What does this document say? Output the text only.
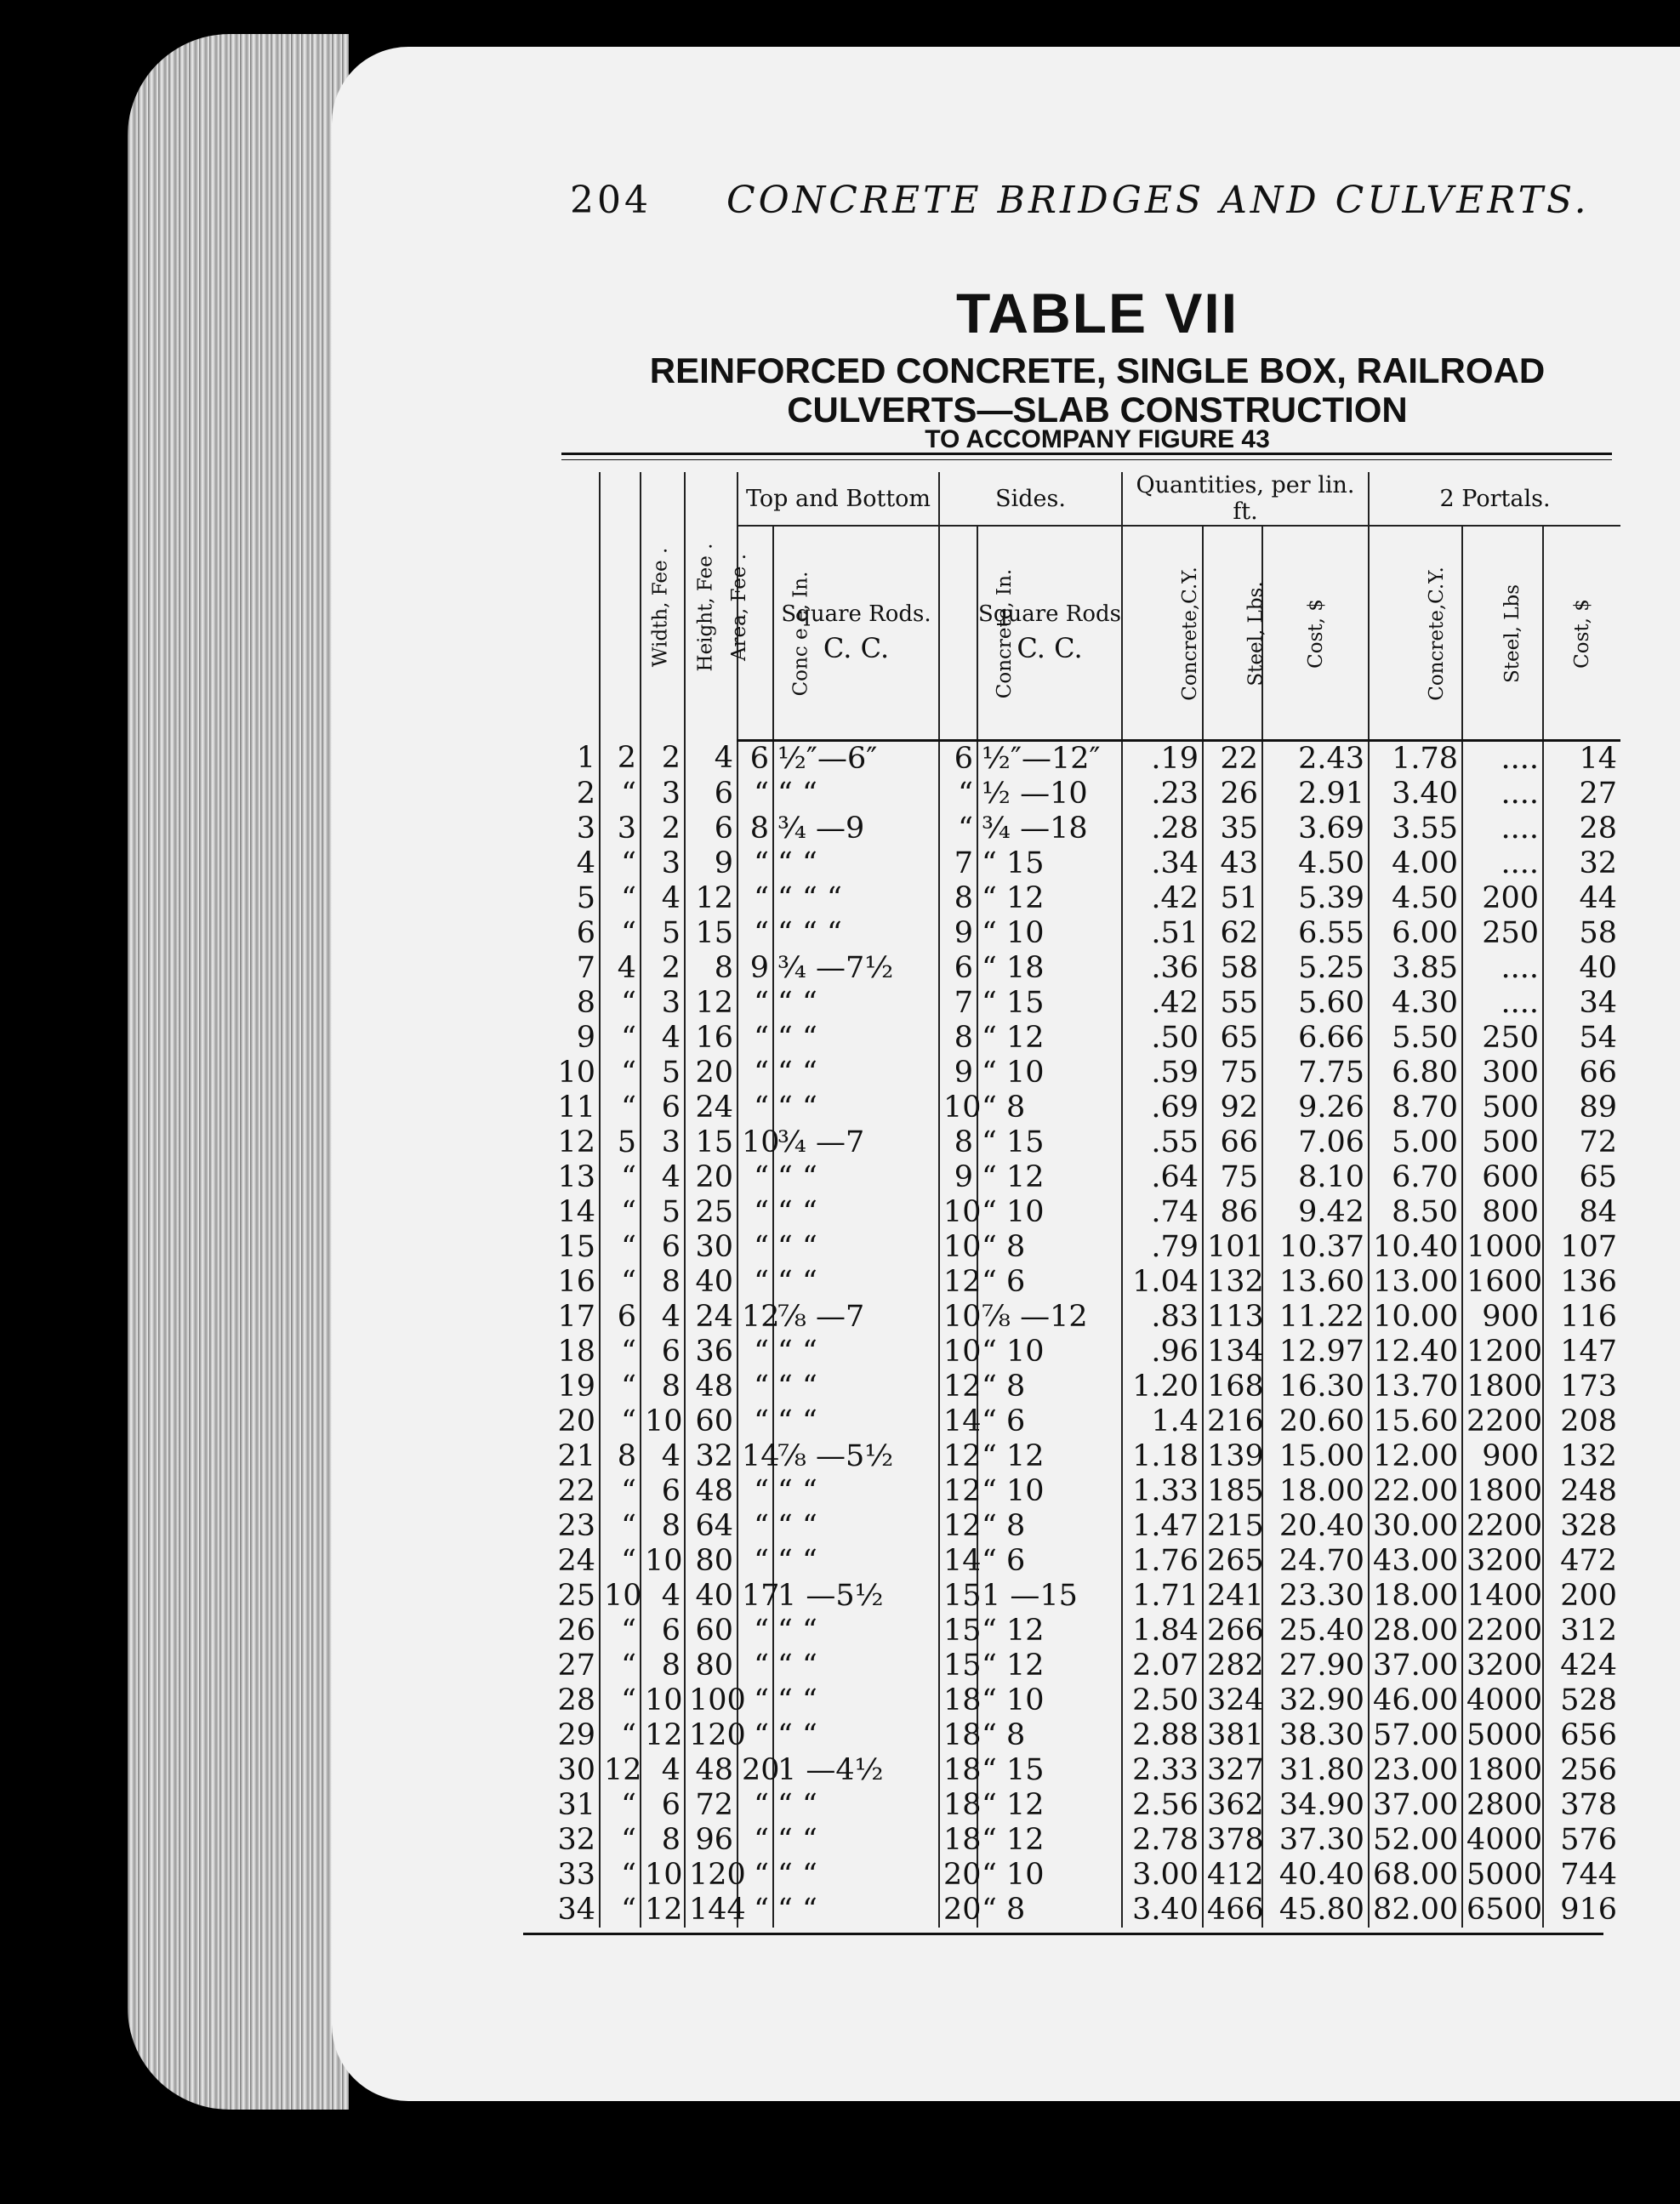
204 CONCRETE BRIDGES AND CULVERTS.
TABLE VII
REINFORCED CONCRETE, SINGLE BOX, RAILROAD
CULVERTS—SLAB CONSTRUCTION
TO ACCOMPANY FIGURE 43
	Width, Fee .	Height, Fee .	Area, Fee .	Top and Bottom		Sides.		Quantities, per lin. ft.			2 Portals.		
				Conc e e, In.	Square Rods.
C. C.	Concrete, In.	Square Rods
C. C.	Concrete,C.Y.	Steel, Lbs.	Cost, $	Concrete,C.Y.	Steel, Lbs	Cost, $
1	2	2	4	6	½″—6″	6	½″—12″	.19	22	2.43	1.78	....	14
2	“	3	6	“	“ “	“	½ —10	.23	26	2.91	3.40	....	27
3	3	2	6	8	¾ —9	“	¾ —18	.28	35	3.69	3.55	....	28
4	“	3	9	“	“ “	7	“ 15	.34	43	4.50	4.00	....	32
5	“	4	12	“	“ “ “	8	“ 12	.42	51	5.39	4.50	200	44
6	“	5	15	“	“ “ “	9	“ 10	.51	62	6.55	6.00	250	58
7	4	2	8	9	¾ —7½	6	“ 18	.36	58	5.25	3.85	....	40
8	“	3	12	“	“ “	7	“ 15	.42	55	5.60	4.30	....	34
9	“	4	16	“	“ “	8	“ 12	.50	65	6.66	5.50	250	54
10	“	5	20	“	“ “	9	“ 10	.59	75	7.75	6.80	300	66
11	“	6	24	“	“ “	10	“ 8	.69	92	9.26	8.70	500	89
12	5	3	15	10	¾ —7	8	“ 15	.55	66	7.06	5.00	500	72
13	“	4	20	“	“ “	9	“ 12	.64	75	8.10	6.70	600	65
14	“	5	25	“	“ “	10	“ 10	.74	86	9.42	8.50	800	84
15	“	6	30	“	“ “	10	“ 8	.79	101	10.37	10.40	1000	107
16	“	8	40	“	“ “	12	“ 6	1.04	132	13.60	13.00	1600	136
17	6	4	24	12	⅞ —7	10	⅞ —12	.83	113	11.22	10.00	900	116
18	“	6	36	“	“ “	10	“ 10	.96	134	12.97	12.40	1200	147
19	“	8	48	“	“ “	12	“ 8	1.20	168	16.30	13.70	1800	173
20	“	10	60	“	“ “	14	“ 6	1.4	216	20.60	15.60	2200	208
21	8	4	32	14	⅞ —5½	12	“ 12	1.18	139	15.00	12.00	900	132
22	“	6	48	“	“ “	12	“ 10	1.33	185	18.00	22.00	1800	248
23	“	8	64	“	“ “	12	“ 8	1.47	215	20.40	30.00	2200	328
24	“	10	80	“	“ “	14	“ 6	1.76	265	24.70	43.00	3200	472
25	10	4	40	17	1 —5½	15	1 —15	1.71	241	23.30	18.00	1400	200
26	“	6	60	“	“ “	15	“ 12	1.84	266	25.40	28.00	2200	312
27	“	8	80	“	“ “	15	“ 12	2.07	282	27.90	37.00	3200	424
28	“	10	100	“	“ “	18	“ 10	2.50	324	32.90	46.00	4000	528
29	“	12	120	“	“ “	18	“ 8	2.88	381	38.30	57.00	5000	656
30	12	4	48	20	1 —4½	18	“ 15	2.33	327	31.80	23.00	1800	256
31	“	6	72	“	“ “	18	“ 12	2.56	362	34.90	37.00	2800	378
32	“	8	96	“	“ “	18	“ 12	2.78	378	37.30	52.00	4000	576
33	“	10	120	“	“ “	20	“ 10	3.00	412	40.40	68.00	5000	744
34	“	12	144	“	“ “	20	“ 8	3.40	466	45.80	82.00	6500	916
